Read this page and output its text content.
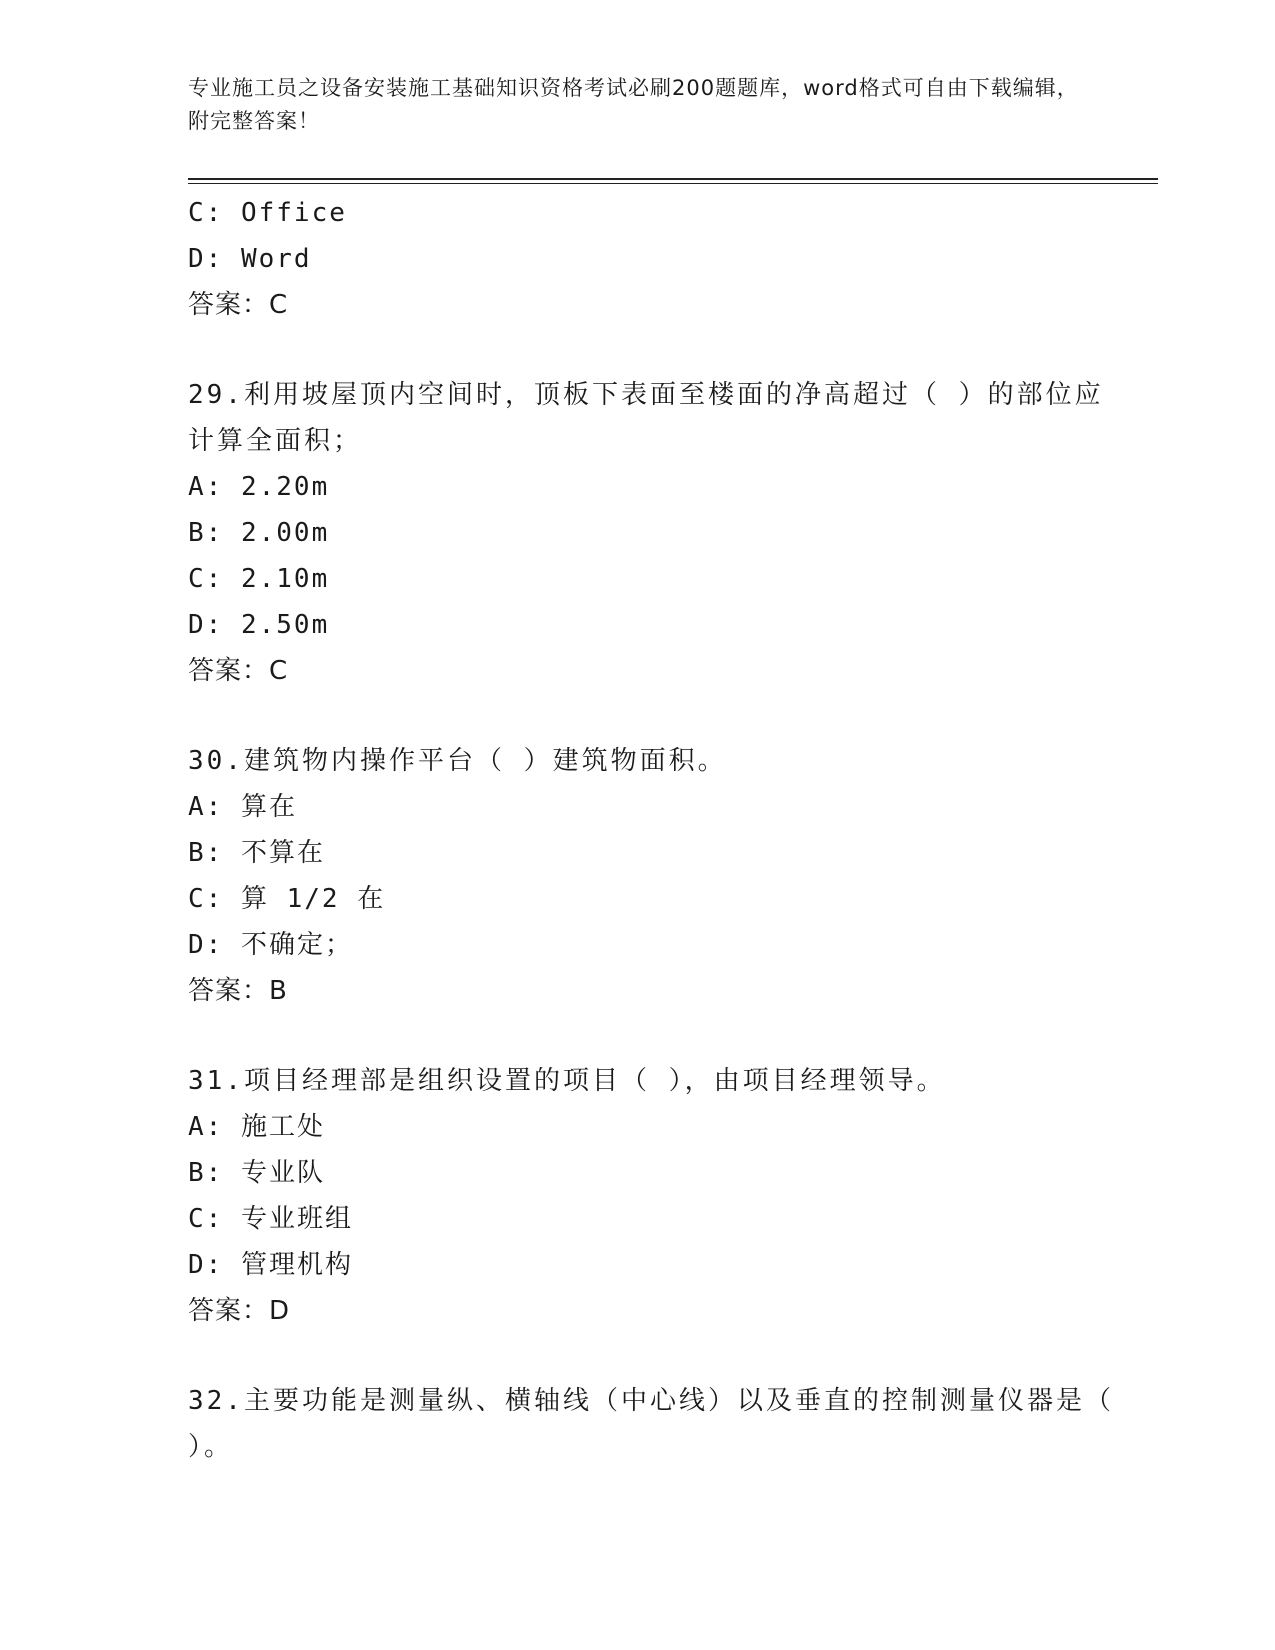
专业施工员之设备安装施工基础知识资格考试必刷200题题库，word格式可自由下载编辑，附完整答案！
C: Office
D: Word
答案：C
29.利用坡屋顶内空间时，顶板下表面至楼面的净高超过（ ）的部位应计算全面积；
A: 2.20m
B: 2.00m
C: 2.10m
D: 2.50m
答案：C
30.建筑物内操作平台（ ）建筑物面积。
A: 算在
B: 不算在
C: 算 1/2 在
D: 不确定；
答案：B
31.项目经理部是组织设置的项目（ ），由项目经理领导。
A: 施工处
B: 专业队
C: 专业班组
D: 管理机构
答案：D
32.主要功能是测量纵、横轴线（中心线）以及垂直的控制测量仪器是（ ）。
